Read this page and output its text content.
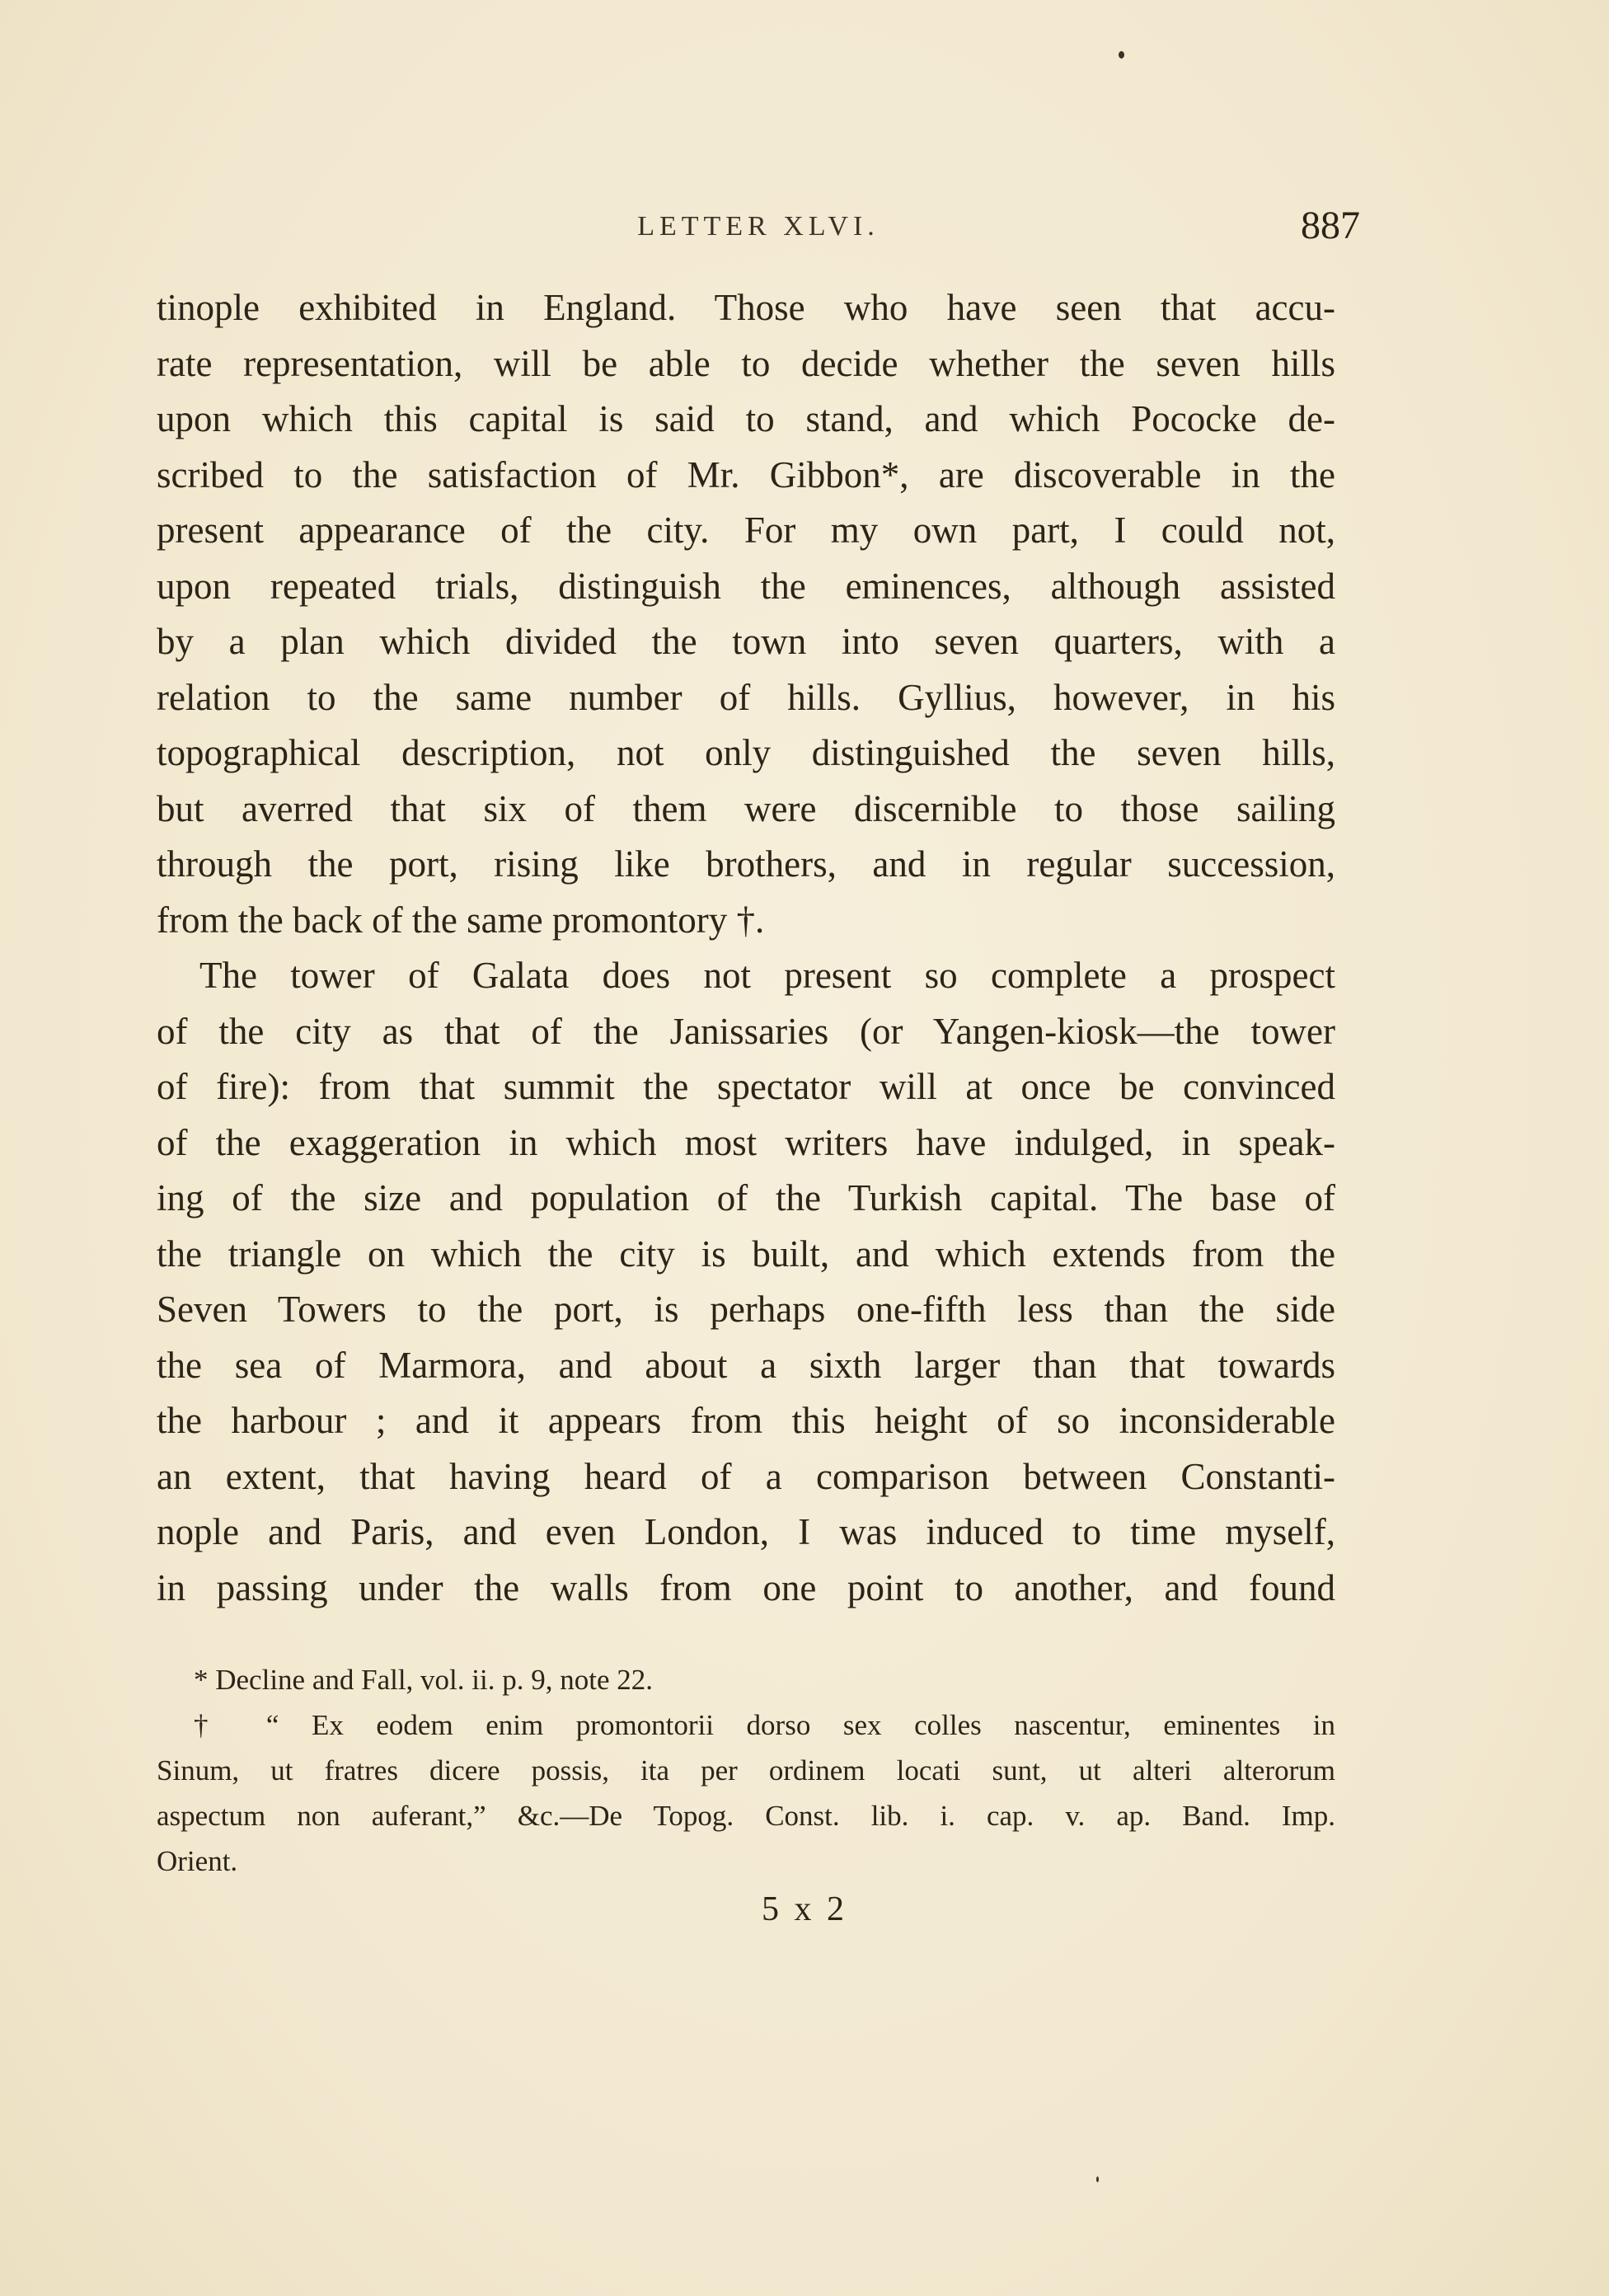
LETTER XLVI.	887
tinople exhibited in England. Those who have seen that accu-
rate representation, will be able to decide whether the seven hills
upon which this capital is said to stand, and which Pococke de-
scribed to the satisfaction of Mr. Gibbon*, are discoverable in the
present appearance of the city. For my own part, I could not,
upon repeated trials, distinguish the eminences, although assisted
by a plan which divided the town into seven quarters, with a
relation to the same number of hills. Gyllius, however, in his
topographical description, not only distinguished the seven hills,
but averred that six of them were discernible to those sailing
through the port, rising like brothers, and in regular succession,
from the back of the same promontory †.
The tower of Galata does not present so complete a prospect
of the city as that of the Janissaries (or Yangen-kiosk—the tower
of fire): from that summit the spectator will at once be convinced
of the exaggeration in which most writers have indulged, in speak-
ing of the size and population of the Turkish capital. The base of
the triangle on which the city is built, and which extends from the
Seven Towers to the port, is perhaps one-fifth less than the side
the sea of Marmora, and about a sixth larger than that towards
the harbour ; and it appears from this height of so inconsiderable
an extent, that having heard of a comparison between Constanti-
nople and Paris, and even London, I was induced to time myself,
in passing under the walls from one point to another, and found
* Decline and Fall, vol. ii. p. 9, note 22.
† “ Ex eodem enim promontorii dorso sex colles nascentur, eminentes in
Sinum, ut fratres dicere possis, ita per ordinem locati sunt, ut alteri alterorum
aspectum non auferant,” &c.—De Topog. Const. lib. i. cap. v. ap. Band. Imp.
Orient.
5 x 2
